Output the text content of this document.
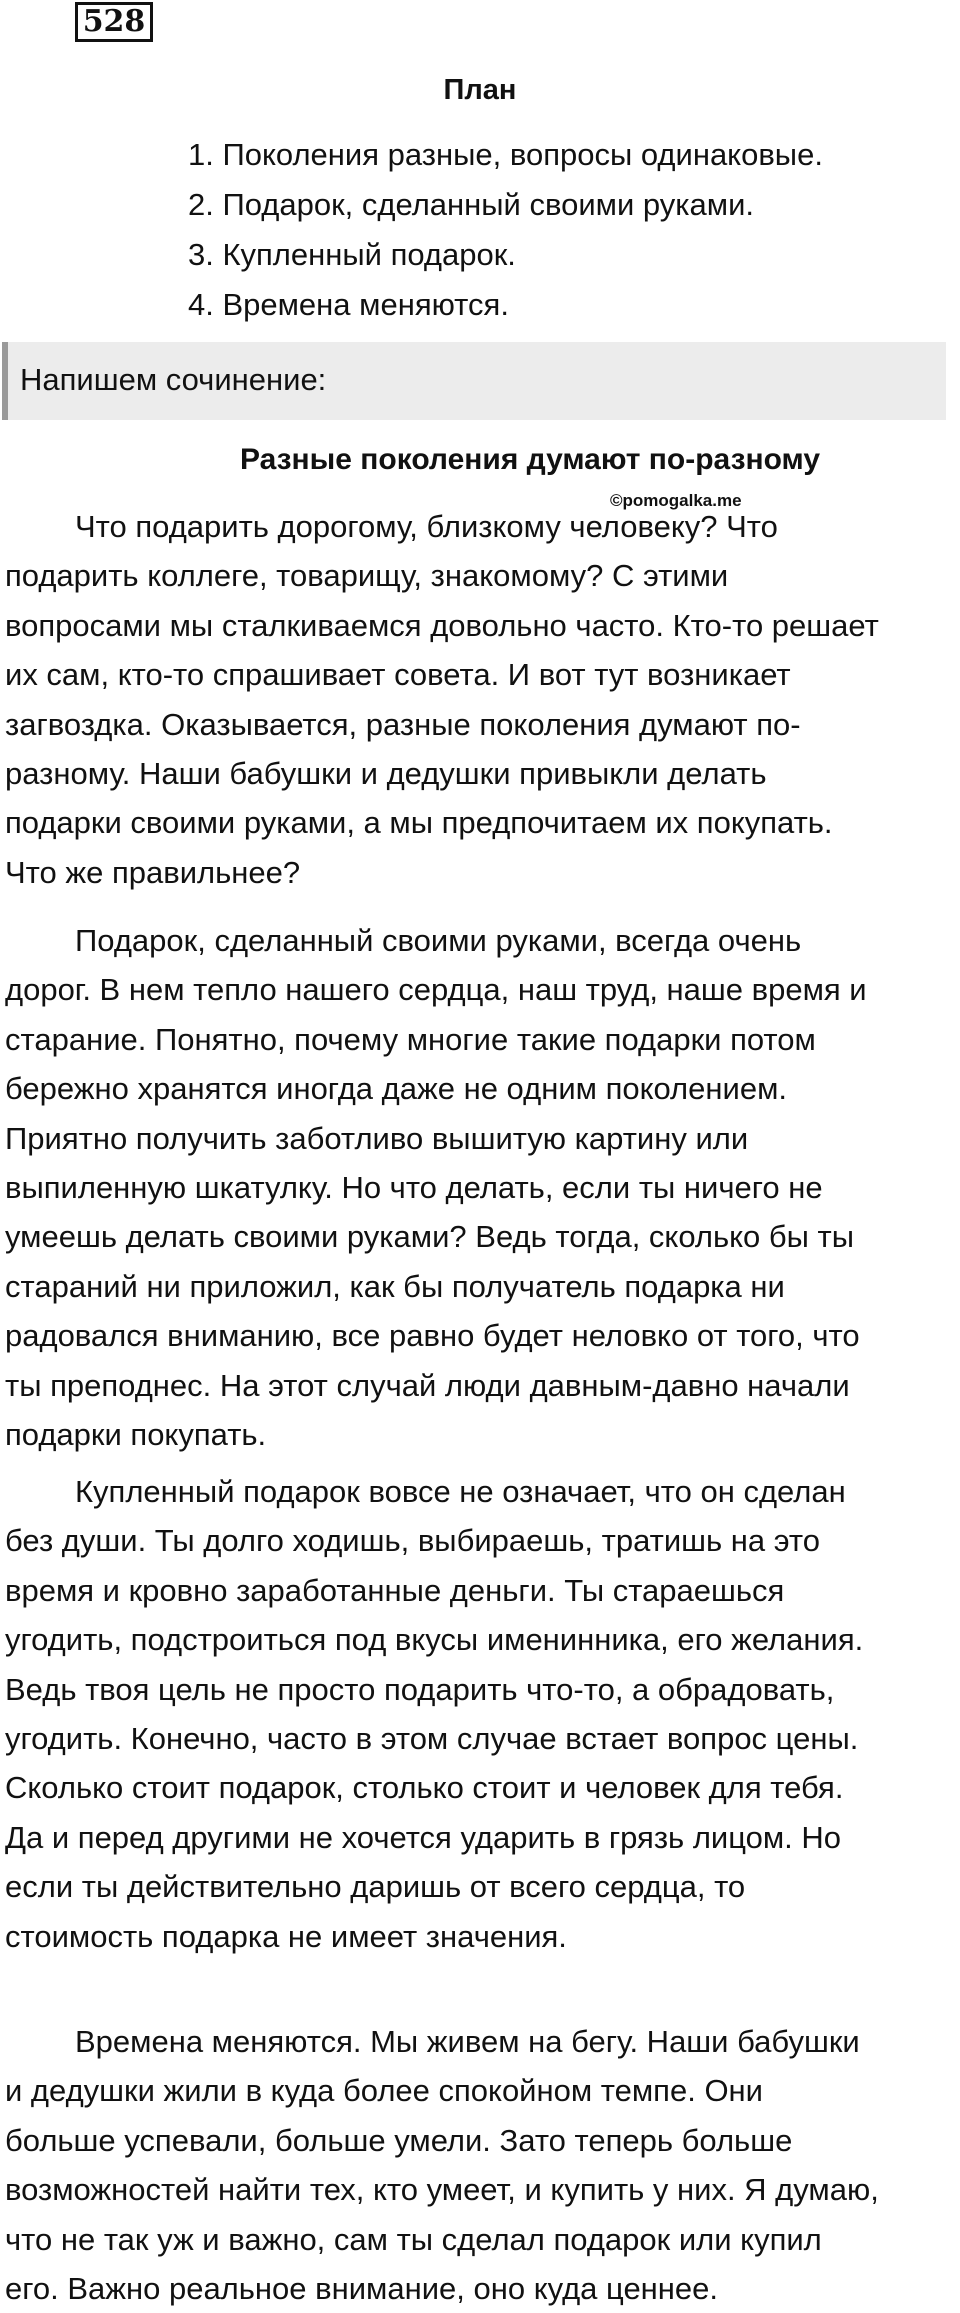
528
План
1. Поколения разные, вопросы одинаковые.
2. Подарок, сделанный своими руками.
3. Купленный подарок.
4. Времена меняются.
Напишем сочинение:
Разные поколения думают по-разному
©pomogalka.me

Что подарить дорогому, близкому человеку? Что
подарить коллеге, товарищу, знакомому? С этими
вопросами мы сталкиваемся довольно часто. Кто-то решает
их сам, кто-то спрашивает совета. И вот тут возникает
загвоздка. Оказывается, разные поколения думают по-
разному. Наши бабушки и дедушки привыкли делать
подарки своими руками, а мы предпочитаем их покупать.
Что же правильнее?

Подарок, сделанный своими руками, всегда очень
дорог. В нем тепло нашего сердца, наш труд, наше время и
старание. Понятно, почему многие такие подарки потом
бережно хранятся иногда даже не одним поколением.
Приятно получить заботливо вышитую картину или
выпиленную шкатулку. Но что делать, если ты ничего не
умеешь делать своими руками? Ведь тогда, сколько бы ты
стараний ни приложил, как бы получатель подарка ни
радовался вниманию, все равно будет неловко от того, что
ты преподнес. На этот случай люди давным-давно начали
подарки покупать.

Купленный подарок вовсе не означает, что он сделан
без души. Ты долго ходишь, выбираешь, тратишь на это
время и кровно заработанные деньги. Ты стараешься
угодить, подстроиться под вкусы именинника, его желания.
Ведь твоя цель не просто подарить что-то, а обрадовать,
угодить. Конечно, часто в этом случае встает вопрос цены.
Сколько стоит подарок, столько стоит и человек для тебя.
Да и перед другими не хочется ударить в грязь лицом. Но
если ты действительно даришь от всего сердца, то
стоимость подарка не имеет значения.

Времена меняются. Мы живем на бегу. Наши бабушки
и дедушки жили в куда более спокойном темпе. Они
больше успевали, больше умели. Зато теперь больше
возможностей найти тех, кто умеет, и купить у них. Я думаю,
что не так уж и важно, сам ты сделал подарок или купил
его. Важно реальное внимание, оно куда ценнее.
